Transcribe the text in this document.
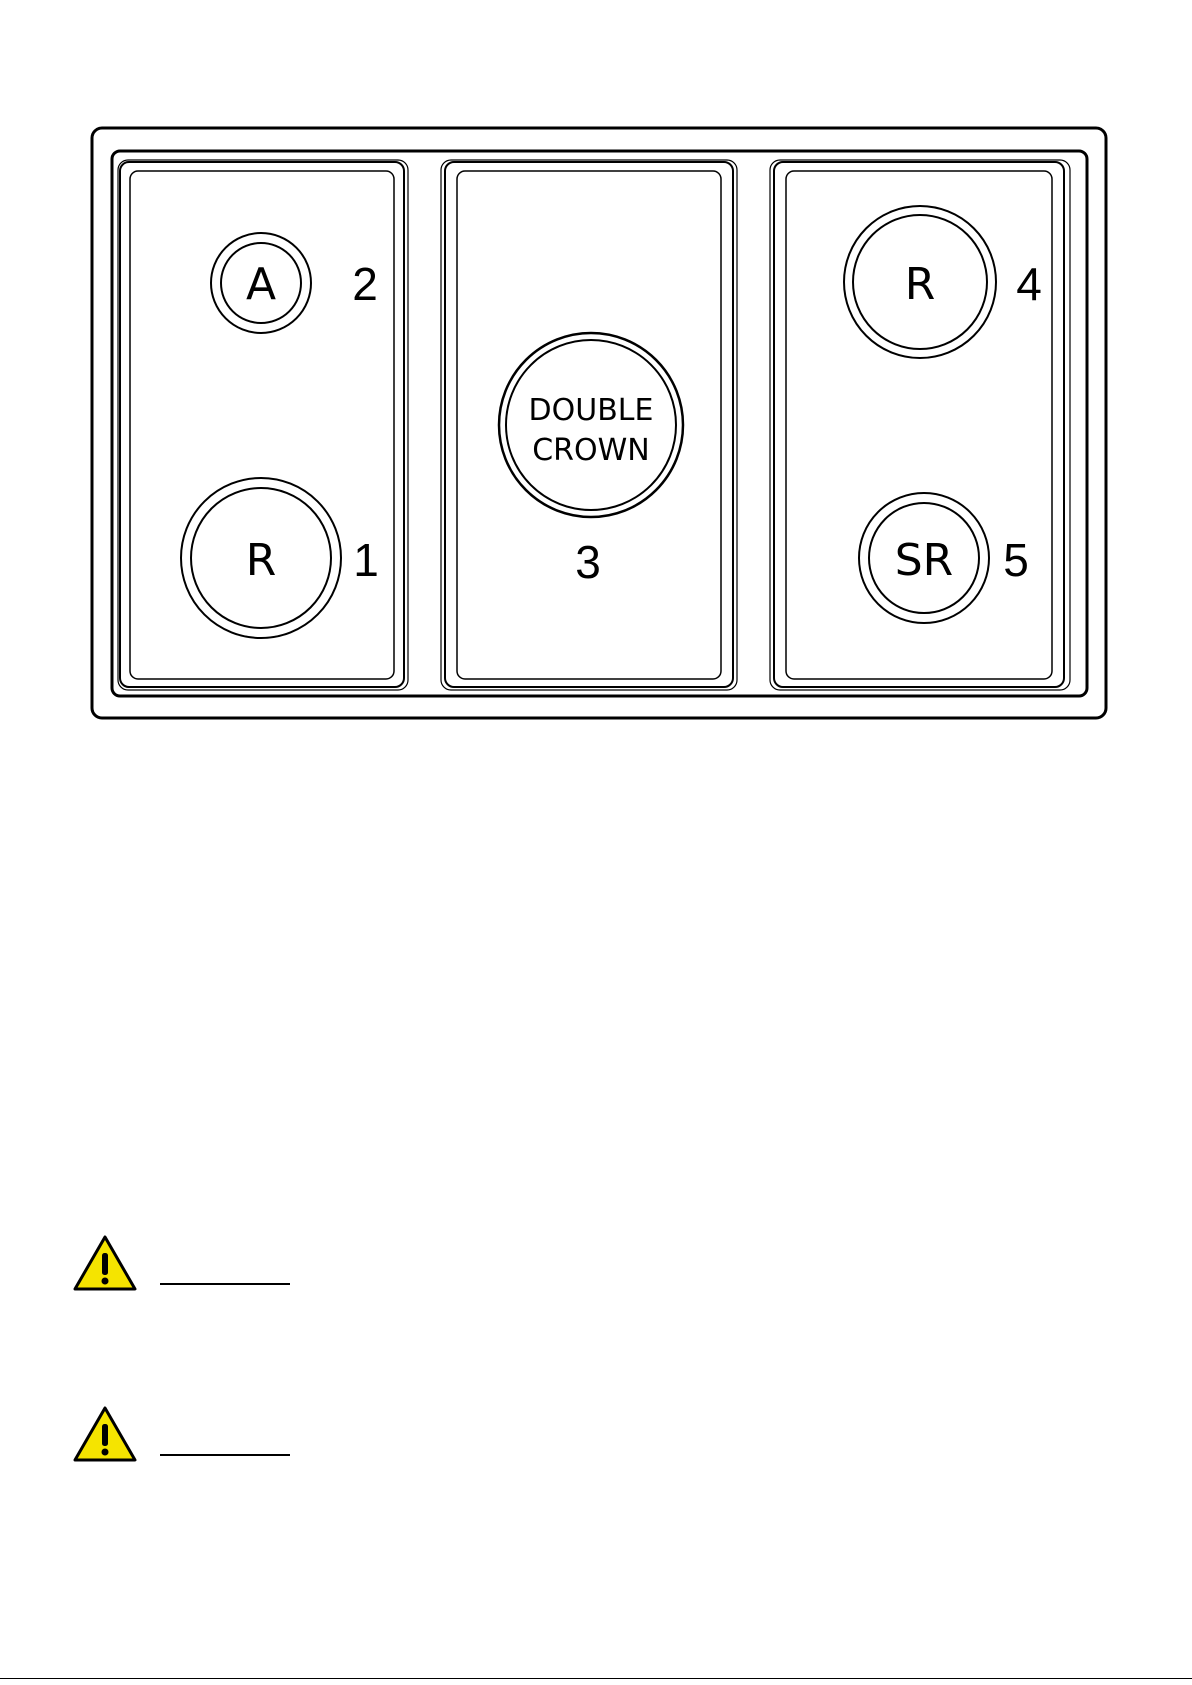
A 2
R 1
DOUBLE
CROWN
3
R 4
SR 5
